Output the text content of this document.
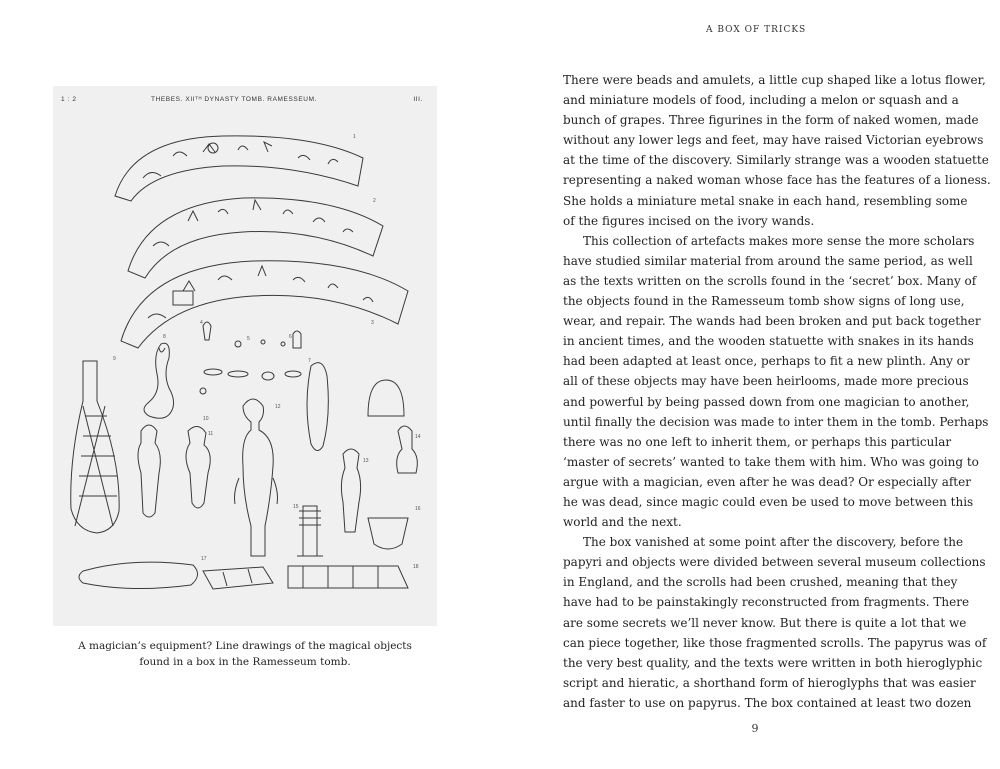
1 : 2	THEBES. XIIᵀᴴ DYNASTY TOMB. RAMESSEUM.	III.
A magician’s equipment? Line drawings of the magical objects
found in a box in the Ramesseum tomb.
A BOX OF TRICKS
There were beads and amulets, a little cup shaped like a lotus flower,
and miniature models of food, including a melon or squash and a
bunch of grapes. Three figurines in the form of naked women, made
without any lower legs and feet, may have raised Victorian eyebrows
at the time of the discovery. Similarly strange was a wooden statuette
representing a naked woman whose face has the features of a lioness.
She holds a miniature metal snake in each hand, resembling some
of the figures incised on the ivory wands.
This collection of artefacts makes more sense the more scholars
have studied similar material from around the same period, as well
as the texts written on the scrolls found in the ‘secret’ box. Many of
the objects found in the Ramesseum tomb show signs of long use,
wear, and repair. The wands had been broken and put back together
in ancient times, and the wooden statuette with snakes in its hands
had been adapted at least once, perhaps to fit a new plinth. Any or
all of these objects may have been heirlooms, made more precious
and powerful by being passed down from one magician to another,
until finally the decision was made to inter them in the tomb. Perhaps
there was no one left to inherit them, or perhaps this particular
‘master of secrets’ wanted to take them with him. Who was going to
argue with a magician, even after he was dead? Or especially after
he was dead, since magic could even be used to move between this
world and the next.
The box vanished at some point after the discovery, before the
papyri and objects were divided between several museum collections
in England, and the scrolls had been crushed, meaning that they
have had to be painstakingly reconstructed from fragments. There
are some secrets we’ll never know. But there is quite a lot that we
can piece together, like those fragmented scrolls. The papyrus was of
the very best quality, and the texts were written in both hieroglyphic
script and hieratic, a shorthand form of hieroglyphs that was easier
and faster to use on papyrus. The box contained at least two dozen
9
1
2
3
4
5	6
7
8
9
10
11
12
13
14
15	16
17
18
